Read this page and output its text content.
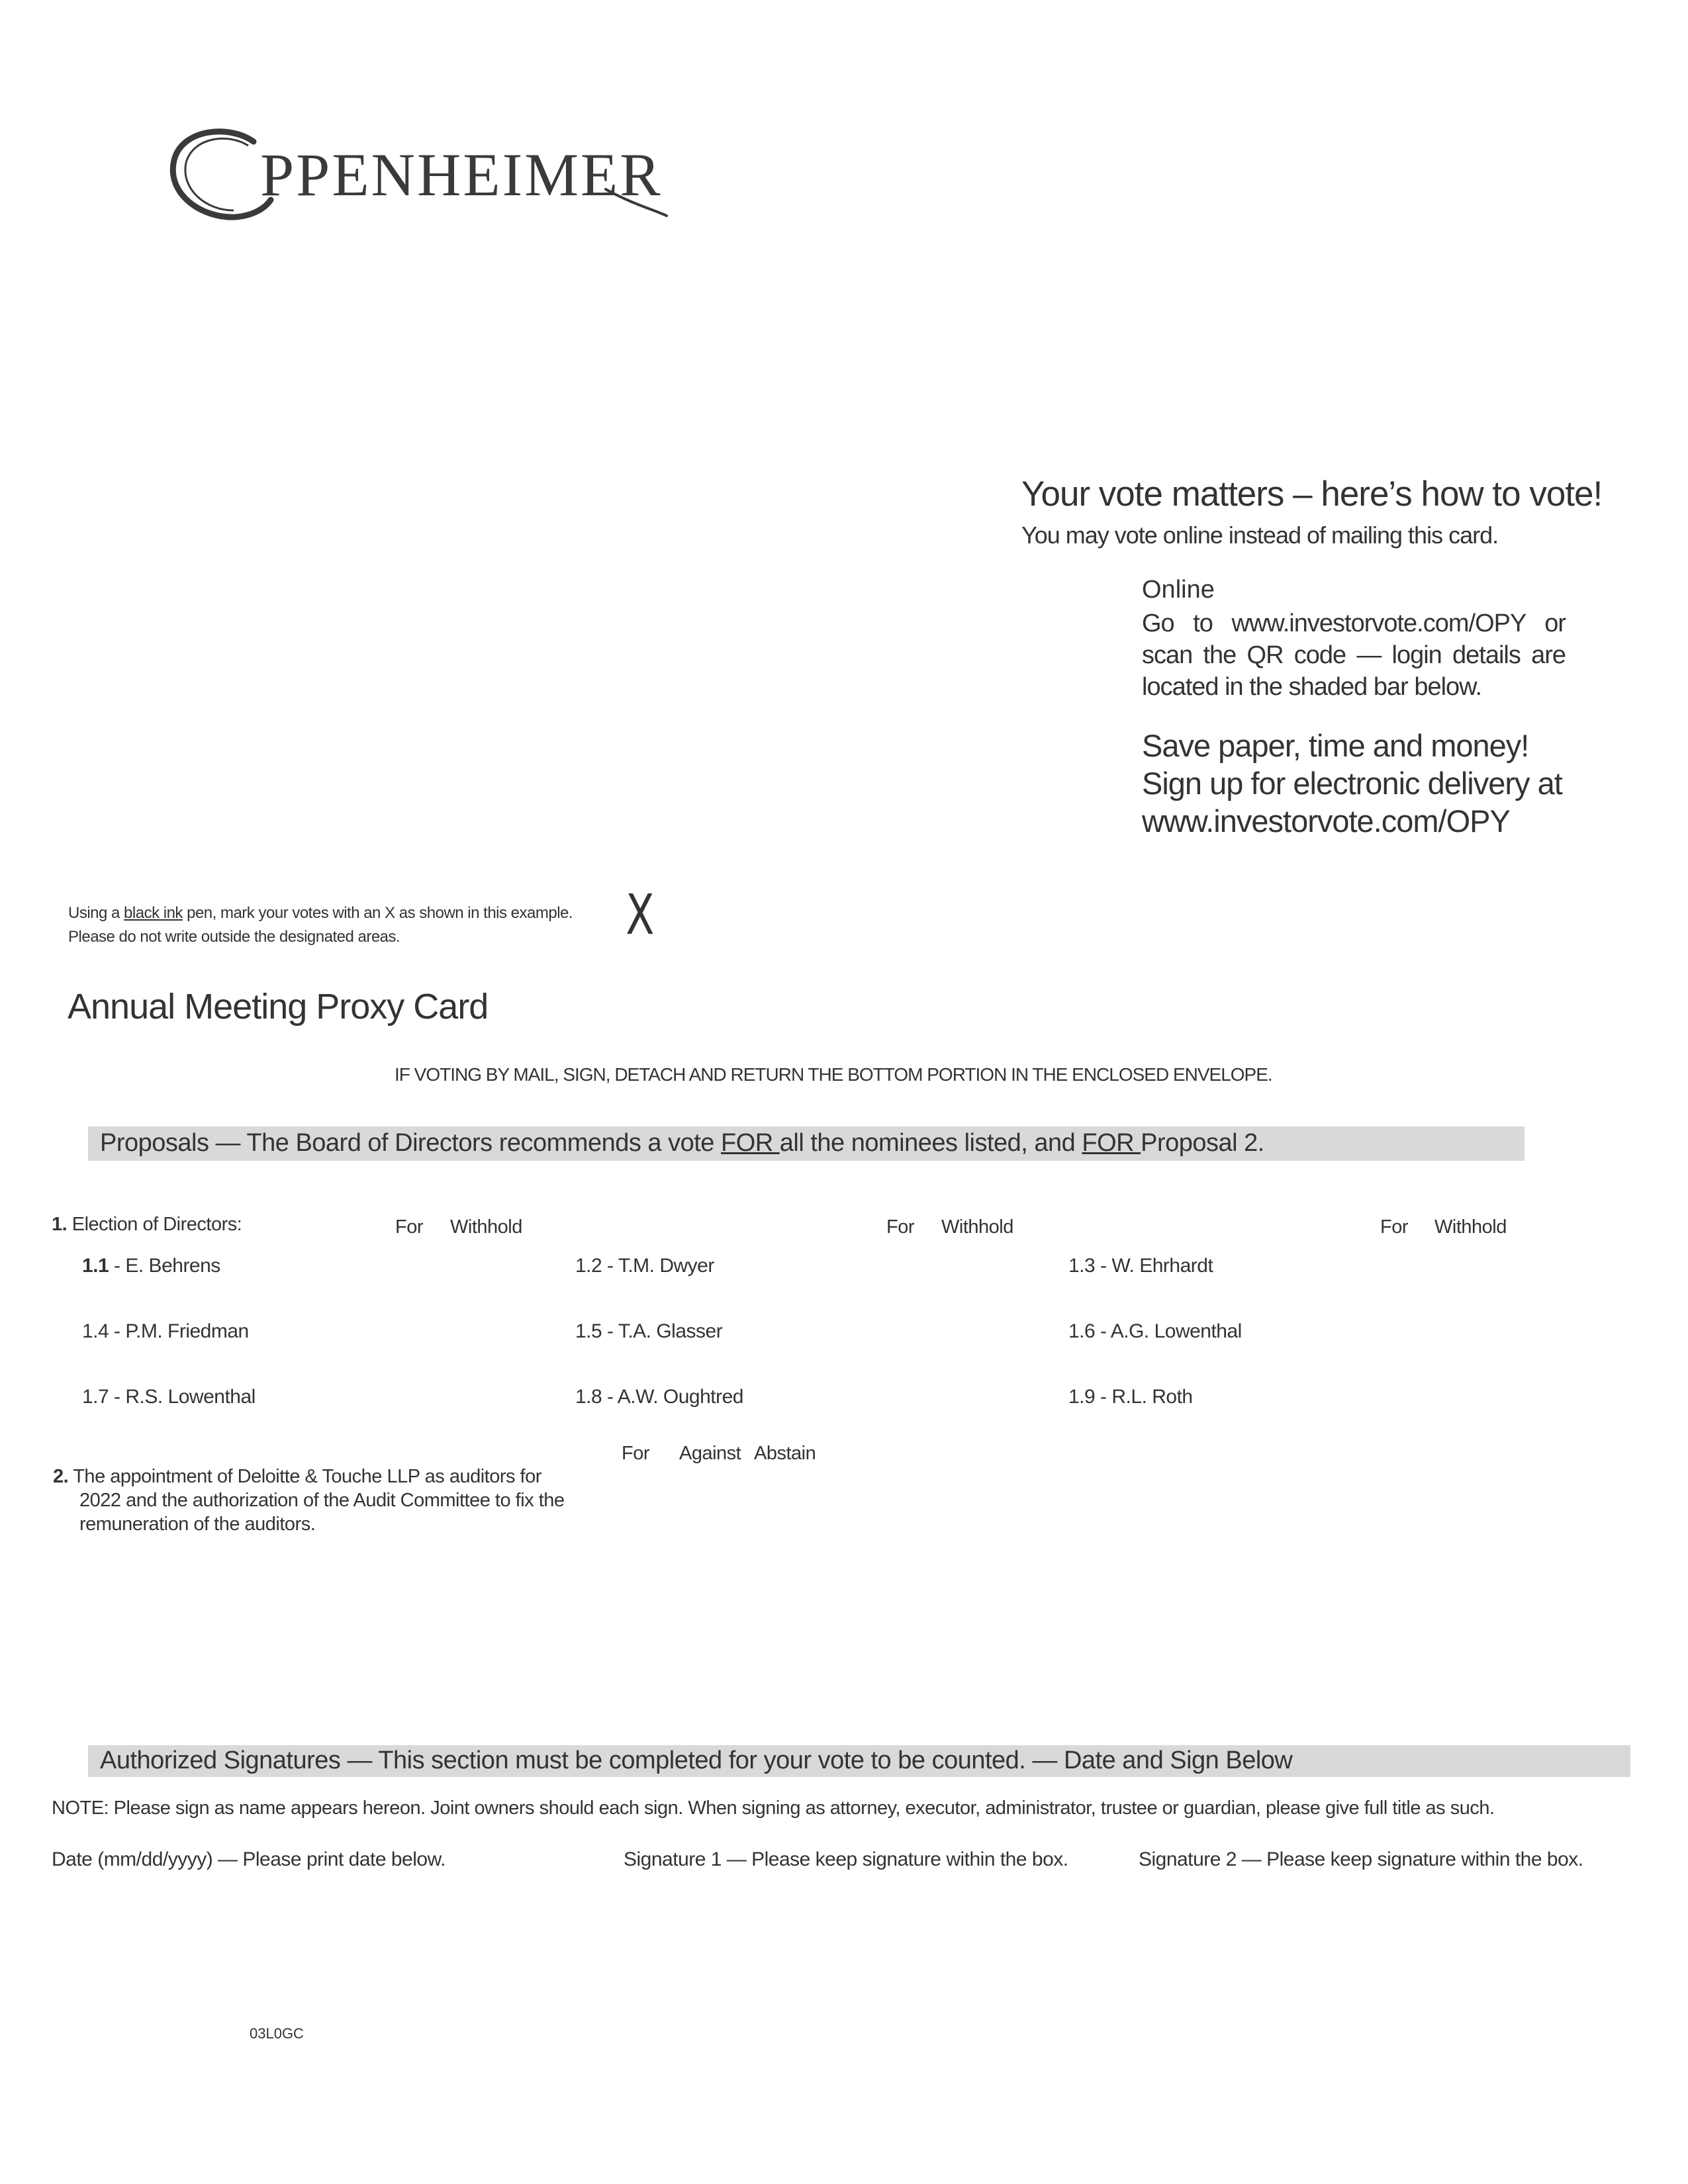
PPENHEIMER
Your vote matters – here’s how to vote!
You may vote online instead of mailing this card.
Online
Go to www.investorvote.com/OPY or scan the QR code — login details are located in the shaded bar below.
Save paper, time and money!
Sign up for electronic delivery at
www.investorvote.com/OPY
Using a black ink pen, mark your votes with an X as shown in this example.
Please do not write outside the designated areas.	X
Annual Meeting Proxy Card
IF VOTING BY MAIL, SIGN, DETACH AND RETURN THE BOTTOM PORTION IN THE ENCLOSED ENVELOPE.
Proposals — The Board of Directors recommends a vote FOR all the nominees listed, and FOR Proposal 2.
1. Election of Directors:	For Withhold	For Withhold	For Withhold
1.1 - E. Behrens	1.2 - T.M. Dwyer	1.3 - W. Ehrhardt
1.4 - P.M. Friedman	1.5 - T.A. Glasser	1.6 - A.G. Lowenthal
1.7 - R.S. Lowenthal	1.8 - A.W. Oughtred	1.9 - R.L. Roth
For Against Abstain
2. The appointment of Deloitte & Touche LLP as auditors for
2022 and the authorization of the Audit Committee to fix the
remuneration of the auditors.
Authorized Signatures — This section must be completed for your vote to be counted. — Date and Sign Below
NOTE: Please sign as name appears hereon. Joint owners should each sign. When signing as attorney, executor, administrator, trustee or guardian, please give full title as such.
Date (mm/dd/yyyy) — Please print date below.	Signature 1 — Please keep signature within the box.	Signature 2 — Please keep signature within the box.
03L0GC
